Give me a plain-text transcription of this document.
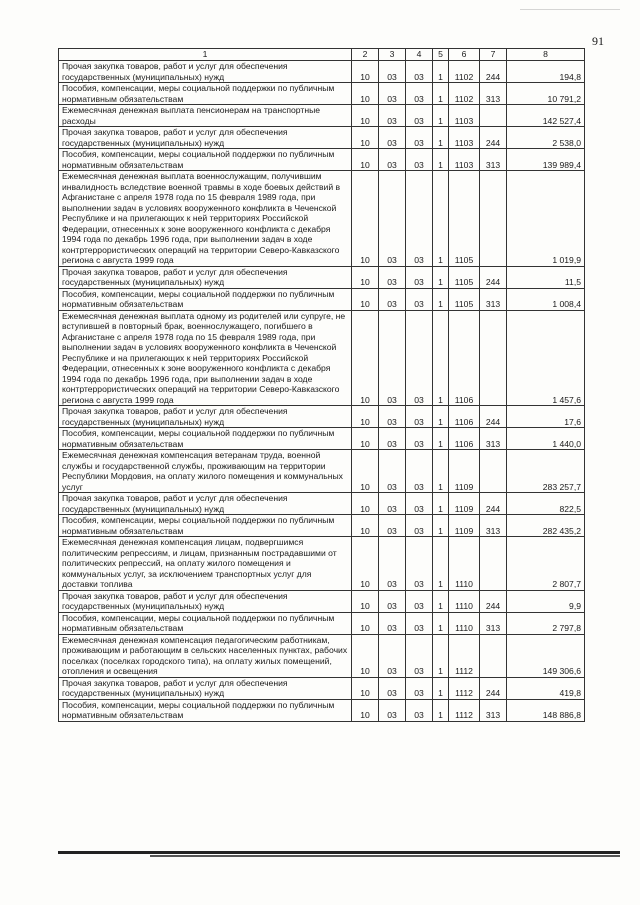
91
1	2	3	4	5	6	7	8
Прочая закупка товаров, работ и услуг для обеспечения государственных (муниципальных) нужд	10	03	03	1	1102	244	194,8
Пособия, компенсации, меры социальной поддержки по публичным нормативным обязательствам	10	03	03	1	1102	313	10 791,2
Ежемесячная денежная выплата пенсионерам на транспортные расходы	10	03	03	1	1103		142 527,4
Прочая закупка товаров, работ и услуг для обеспечения государственных (муниципальных) нужд	10	03	03	1	1103	244	2 538,0
Пособия, компенсации, меры социальной поддержки по публичным нормативным обязательствам	10	03	03	1	1103	313	139 989,4
Ежемесячная денежная выплата военнослужащим, получившим инвалидность вследствие военной травмы в ходе боевых действий в Афганистане с апреля 1978 года по 15 февраля 1989 года, при выполнении задач в условиях вооруженного конфликта в Чеченской Республике и на прилегающих к ней территориях Российской Федерации, отнесенных к зоне вооруженного конфликта с декабря 1994 года по декабрь 1996 года, при выполнении задач в ходе контртеррористических операций на территории Северо-Кавказского региона с августа 1999 года	10	03	03	1	1105		1 019,9
Прочая закупка товаров, работ и услуг для обеспечения государственных (муниципальных) нужд	10	03	03	1	1105	244	11,5
Пособия, компенсации, меры социальной поддержки по публичным нормативным обязательствам	10	03	03	1	1105	313	1 008,4
Ежемесячная денежная выплата одному из родителей или супруге, не вступившей в повторный брак, военнослужащего, погибшего в Афганистане с апреля 1978 года по 15 февраля 1989 года, при выполнении задач в условиях вооруженного конфликта в Чеченской Республике и на прилегающих к ней территориях Российской Федерации, отнесенных к зоне вооруженного конфликта с декабря 1994 года по декабрь 1996 года, при выполнении задач в ходе контртеррористических операций на территории Северо-Кавказского региона с августа 1999 года	10	03	03	1	1106		1 457,6
Прочая закупка товаров, работ и услуг для обеспечения государственных (муниципальных) нужд	10	03	03	1	1106	244	17,6
Пособия, компенсации, меры социальной поддержки по публичным нормативным обязательствам	10	03	03	1	1106	313	1 440,0
Ежемесячная денежная компенсация ветеранам труда, военной службы и государственной службы, проживающим на территории Республики Мордовия, на оплату жилого помещения и коммунальных услуг	10	03	03	1	1109		283 257,7
Прочая закупка товаров, работ и услуг для обеспечения государственных (муниципальных) нужд	10	03	03	1	1109	244	822,5
Пособия, компенсации, меры социальной поддержки по публичным нормативным обязательствам	10	03	03	1	1109	313	282 435,2
Ежемесячная денежная компенсация лицам, подвергшимся политическим репрессиям, и лицам, признанным пострадавшими от политических репрессий, на оплату жилого помещения и коммунальных услуг, за исключением транспортных услуг для доставки топлива	10	03	03	1	1110		2 807,7
Прочая закупка товаров, работ и услуг для обеспечения государственных (муниципальных) нужд	10	03	03	1	1110	244	9,9
Пособия, компенсации, меры социальной поддержки по публичным нормативным обязательствам	10	03	03	1	1110	313	2 797,8
Ежемесячная денежная компенсация педагогическим работникам, проживающим и работающим в сельских населенных пунктах, рабочих поселках (поселках городского типа), на оплату жилых помещений, отопления и освещения	10	03	03	1	1112		149 306,6
Прочая закупка товаров, работ и услуг для обеспечения государственных (муниципальных) нужд	10	03	03	1	1112	244	419,8
Пособия, компенсации, меры социальной поддержки по публичным нормативным обязательствам	10	03	03	1	1112	313	148 886,8
